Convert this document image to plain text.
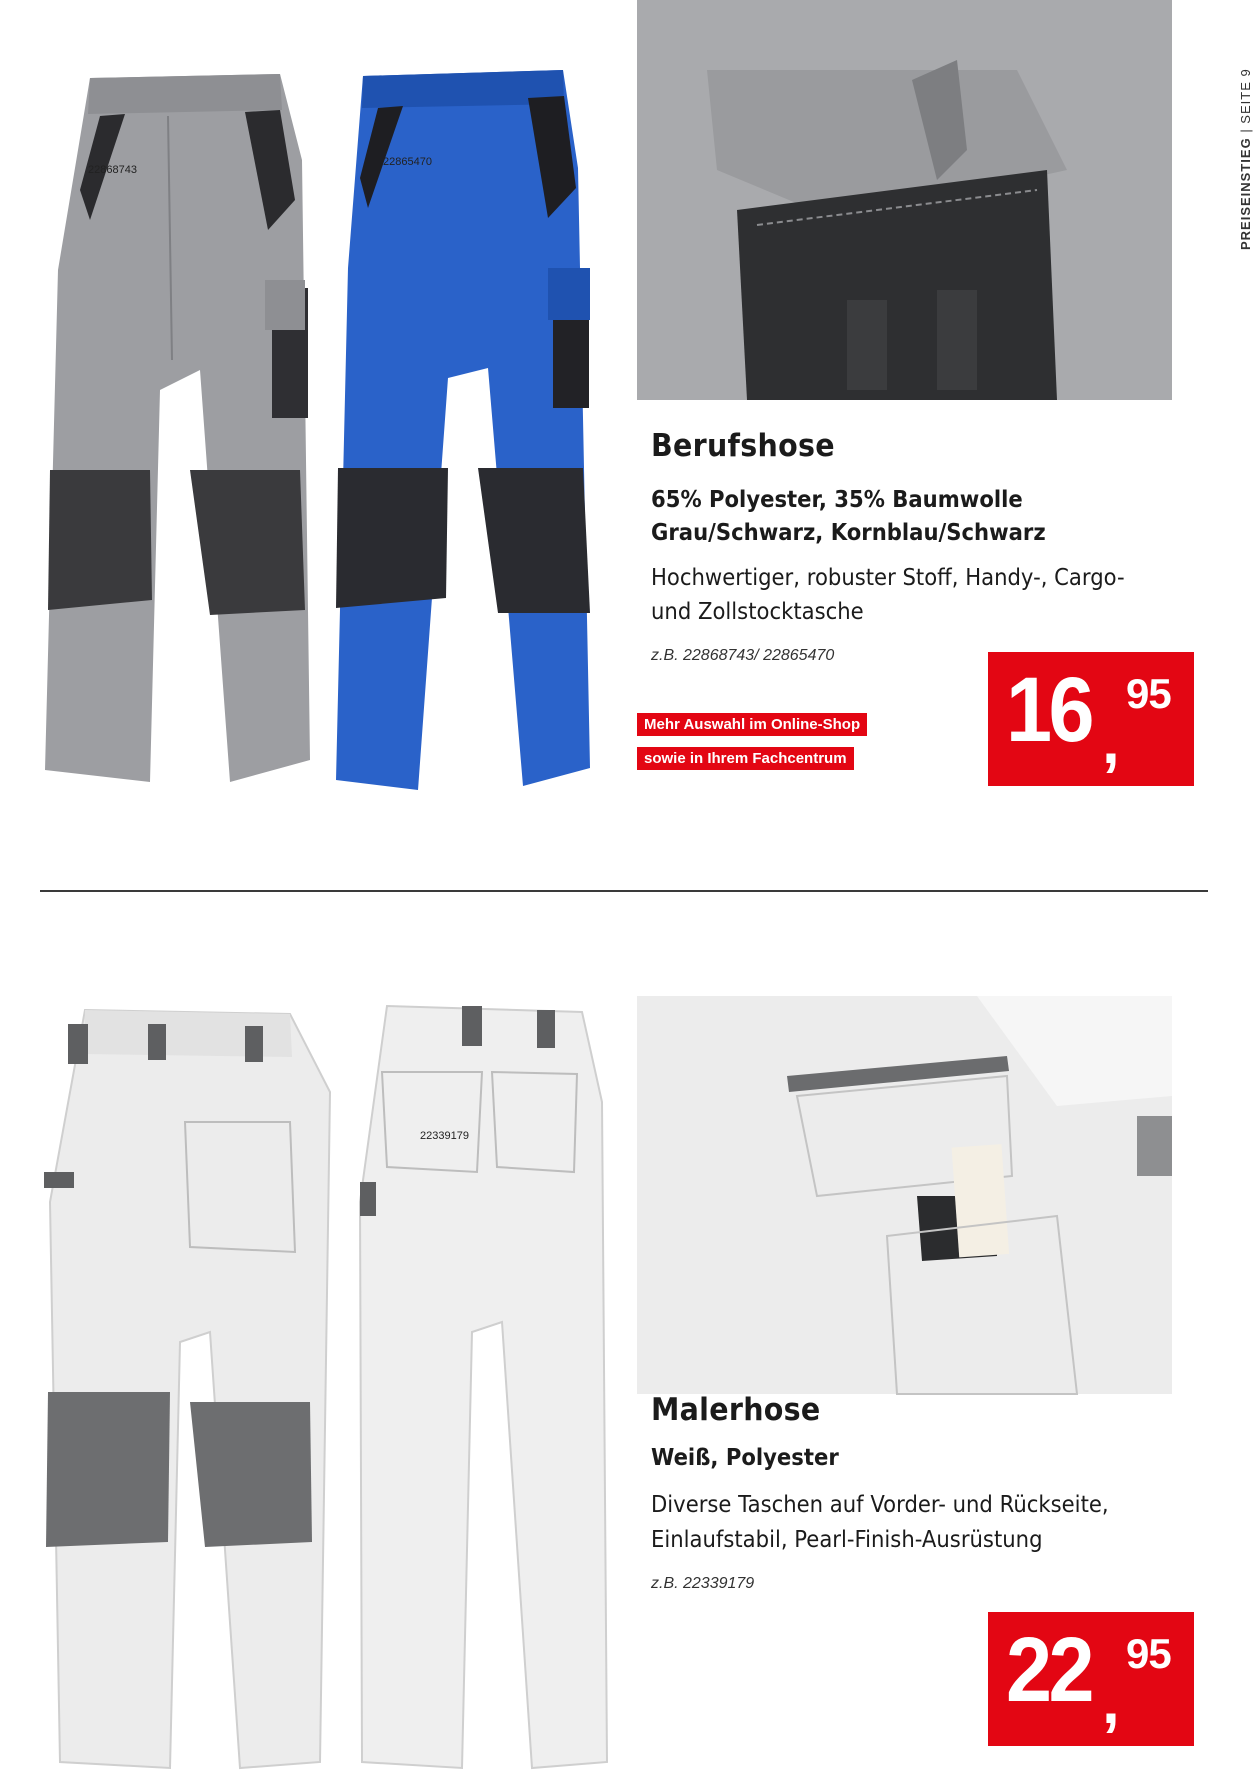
PREISEINSTIEG | SEITE 9
22868743
22865470
Berufshose
65% Polyester, 35% Baumwolle
Grau/Schwarz, Kornblau/Schwarz
Hochwertiger, robuster Stoff, Handy-, Cargo-
und Zollstocktasche
z.B. 22868743/ 22865470
Mehr Auswahl im Online-Shop
sowie in Ihrem Fachcentrum 16 ,
95
22339179
Malerhose
Weiß, Polyester
Diverse Taschen auf Vorder- und Rückseite,
Einlaufstabil, Pearl-Finish-Ausrüstung
z.B. 22339179
22 ,
95
